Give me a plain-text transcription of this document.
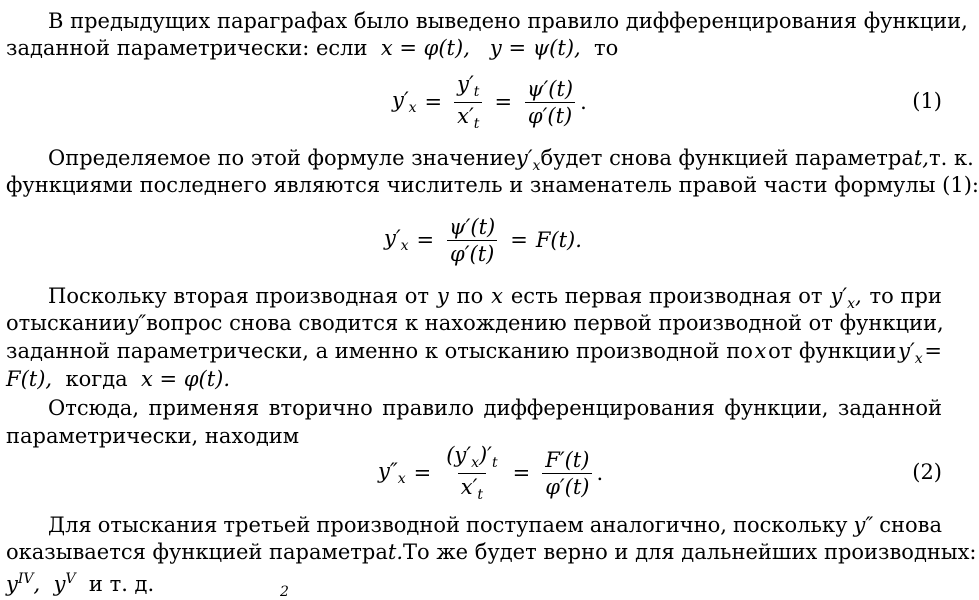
В предыдущих параграфах было выведено правило дифференцирования функции,
заданной параметрически: если x = φ(t), y = ψ(t), то
$y'_x = \frac{y'_t}{x'_t} = \frac{\psi'(t)}{\varphi'(t)}$ .	(1)
Определяемое по этой формуле значение $y'_x$ будет снова функцией параметра t, т. к.
функциями последнего являются числитель и знаменатель правой части формулы (1):
$y'_x = \frac{\psi'(t)}{\varphi'(t)} = F(t)$.
Поскольку вторая производная от y по x есть первая производная от $y'_x$, то при
отыскании y″ вопрос снова сводится к нахождению первой производной от функции,
заданной параметрически, а именно к отысканию производной по x от функции $y'_x$ =
F(t), когда x = φ(t).
Отсюда, применяя вторично правило дифференцирования функции, заданной
параметрически, находим
$y''_x = \frac{(y'_x)'_t}{x'_t} = \frac{F'(t)}{\varphi'(t)}$ .	(2)
Для отыскания третьей производной поступаем аналогично, поскольку y″ снова
оказывается функцией параметра t. То же будет верно и для дальнейших производных:
$y^{IV}$, $y^V$ и т. д.	2
